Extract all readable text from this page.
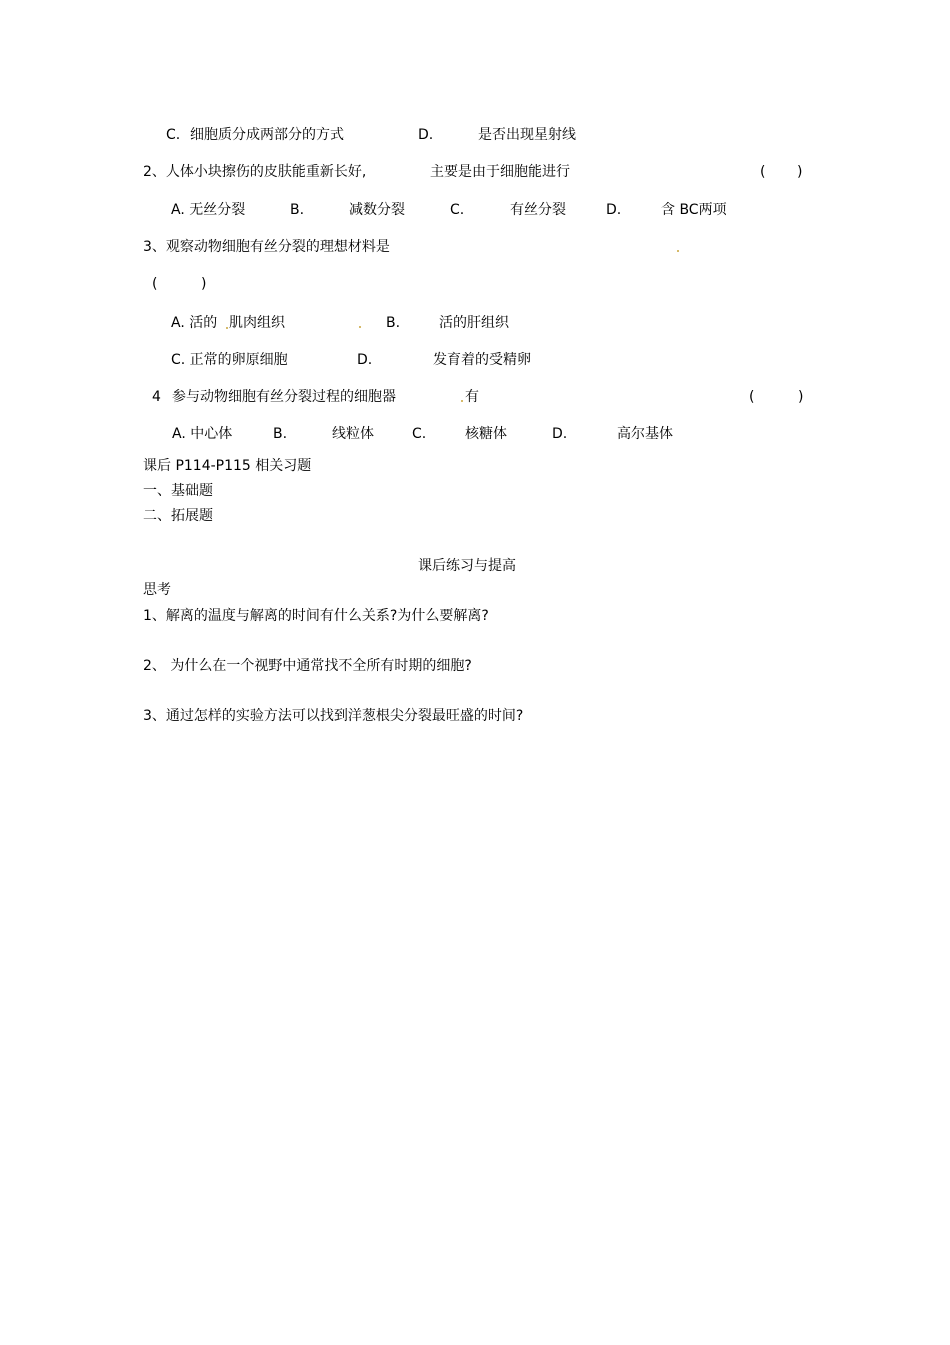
C. 细胞质分成两部分的方式	D.	是否出现星射线
2、人体小块擦伤的皮肤能重新长好,	主要是由于细胞能进行	( )
A. 无丝分裂	B.	减数分裂	C.	有丝分裂	D.	含 BC两项
3、观察动物细胞有丝分裂的理想材料是
(	)
A. 活的 肌肉组织	B.	活的肝组织
C. 正常的卵原细胞	D.	发育着的受精卵
4 参与动物细胞有丝分裂过程的细胞器	有	(	)
A. 中心体	B.	线粒体	C.	核糖体	D.	高尔基体
课后 P114-P115 相关习题
一、基础题
二、拓展题
课后练习与提高
思考
1、解离的温度与解离的时间有什么关系?为什么要解离?
2、 为什么在一个视野中通常找不全所有时期的细胞?
3、通过怎样的实验方法可以找到洋葱根尖分裂最旺盛的时间?
